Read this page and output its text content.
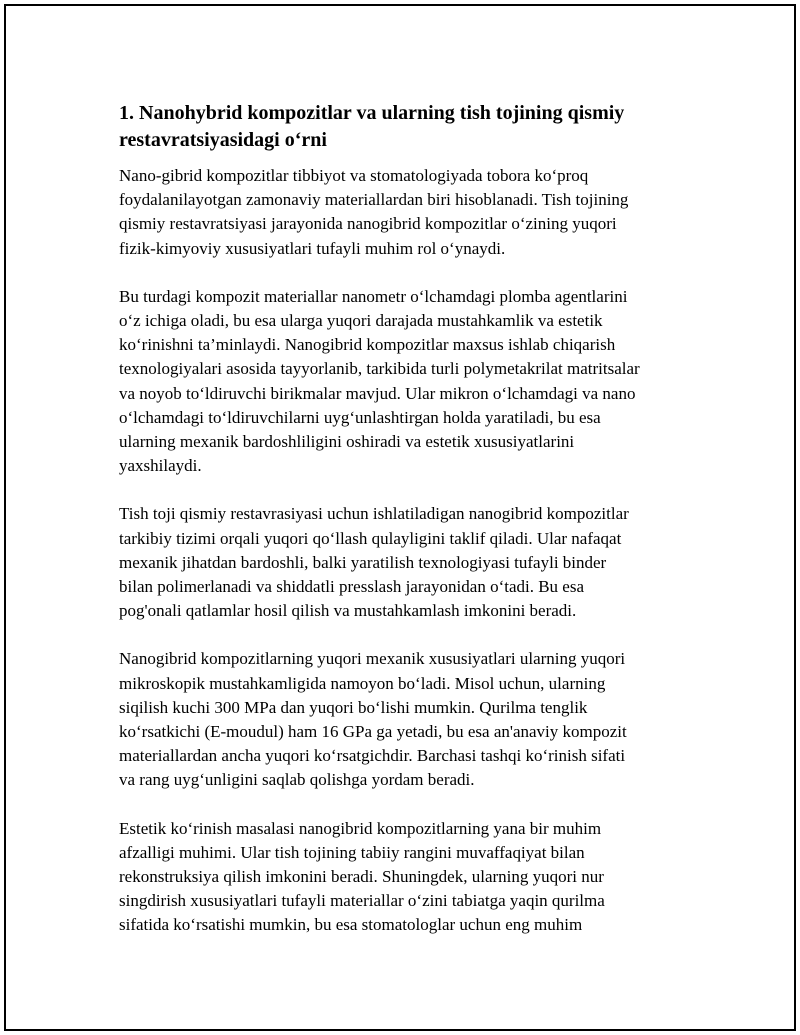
1. Nanohybrid kompozitlar va ularning tish tojining qismiy
restavratsiyasidagi o‘rni
Nano-gibrid kompozitlar tibbiyot va stomatologiyada tobora ko‘proq
foydalanilayotgan zamonaviy materiallardan biri hisoblanadi. Tish tojining
qismiy restavratsiyasi jarayonida nanogibrid kompozitlar o‘zining yuqori
fizik-kimyoviy xususiyatlari tufayli muhim rol o‘ynaydi.
Bu turdagi kompozit materiallar nanometr o‘lchamdagi plomba agentlarini
o‘z ichiga oladi, bu esa ularga yuqori darajada mustahkamlik va estetik
ko‘rinishni ta’minlaydi. Nanogibrid kompozitlar maxsus ishlab chiqarish
texnologiyalari asosida tayyorlanib, tarkibida turli polymetakrilat matritsalar
va noyob to‘ldiruvchi birikmalar mavjud. Ular mikron o‘lchamdagi va nano
o‘lchamdagi to‘ldiruvchilarni uyg‘unlashtirgan holda yaratiladi, bu esa
ularning mexanik bardoshliligini oshiradi va estetik xususiyatlarini
yaxshilaydi.
Tish toji qismiy restavrasiyasi uchun ishlatiladigan nanogibrid kompozitlar
tarkibiy tizimi orqali yuqori qo‘llash qulayligini taklif qiladi. Ular nafaqat
mexanik jihatdan bardoshli, balki yaratilish texnologiyasi tufayli binder
bilan polimerlanadi va shiddatli presslash jarayonidan o‘tadi. Bu esa
pog'onali qatlamlar hosil qilish va mustahkamlash imkonini beradi.
Nanogibrid kompozitlarning yuqori mexanik xususiyatlari ularning yuqori
mikroskopik mustahkamligida namoyon bo‘ladi. Misol uchun, ularning
siqilish kuchi 300 MPa dan yuqori bo‘lishi mumkin. Qurilma tenglik
ko‘rsatkichi (E-moudul) ham 16 GPa ga yetadi, bu esa an'anaviy kompozit
materiallardan ancha yuqori ko‘rsatgichdir. Barchasi tashqi ko‘rinish sifati
va rang uyg‘unligini saqlab qolishga yordam beradi.
Estetik ko‘rinish masalasi nanogibrid kompozitlarning yana bir muhim
afzalligi muhimi. Ular tish tojining tabiiy rangini muvaffaqiyat bilan
rekonstruksiya qilish imkonini beradi. Shuningdek, ularning yuqori nur
singdirish xususiyatlari tufayli materiallar o‘zini tabiatga yaqin qurilma
sifatida ko‘rsatishi mumkin, bu esa stomatologlar uchun eng muhim
